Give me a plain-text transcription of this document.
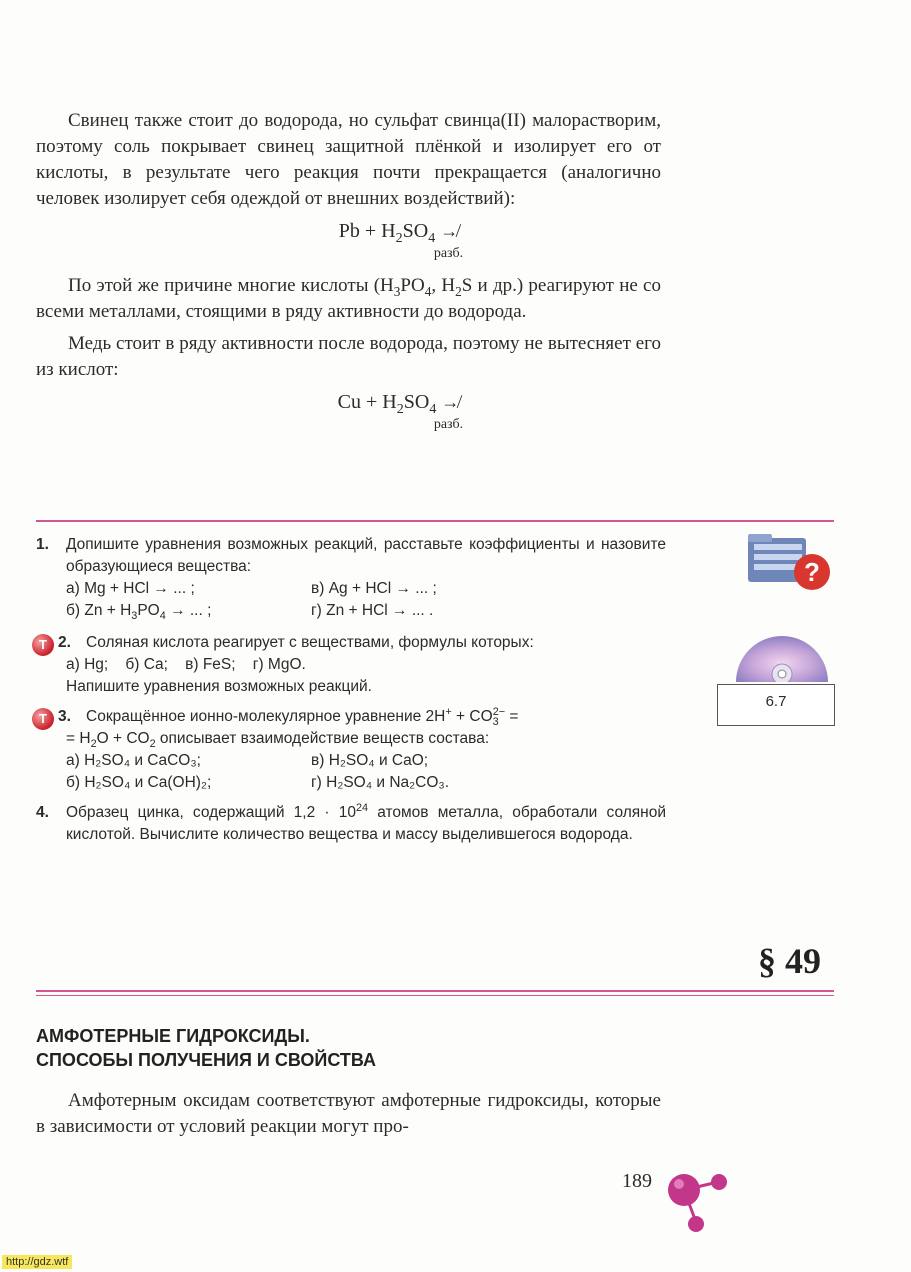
Свинец также стоит до водорода, но сульфат свинца(II) малорастворим, поэтому соль покрывает свинец защитной плёнкой и изолирует его от кислоты, в результате чего реакция почти прекращается (аналогично человек изолирует себя одеждой от внешних воздействий):

$Pb + H_2SO_4$ ↛
разб.

По этой же причине многие кислоты ($H_3PO_4$, $H_2S$ и др.) реагируют не со всеми металлами, стоящими в ряду активности до водорода.

Медь стоит в ряду активности после водорода, поэтому не вытесняет его из кислот:

$Cu + H_2SO_4$ ↛
разб.
1. Допишите уравнения возможных реакций, расставьте коэффициенты и назовите образующиеся вещества:
а) Mg + HCl → ... ;	в) Ag + HCl → ... ;
б) $Zn + H_3PO_4$ → ... ;	г) Zn + HCl → ... .
Т 2. Соляная кислота реагирует с веществами, формулы которых:
а) Hg;    б) Ca;    в) FeS;    г) MgO.
Напишите уравнения возможных реакций.
Т 3. Сокращённое ионно-молекулярное уравнение $2H^+ + CO_3^{2-}$ =
= $H_2O + CO_2$ описывает взаимодействие веществ состава:
а) H₂SO₄ и CaCO₃;	в) H₂SO₄ и CaO;
б) H₂SO₄ и Ca(OH)₂;	г) H₂SO₄ и Na₂CO₃.
4. Образец цинка, содержащий $1,2 \cdot 10^{24}$ атомов металла, обработали соляной кислотой. Вычислите количество вещества и массу выделившегося водорода.
?
6.7
§ 49
АМФОТЕРНЫЕ ГИДРОКСИДЫ.
СПОСОБЫ ПОЛУЧЕНИЯ И СВОЙСТВА

Амфотерным оксидам соответствуют амфотерные гидроксиды, которые в зависимости от условий реакции могут про-

189
http://gdz.wtf
